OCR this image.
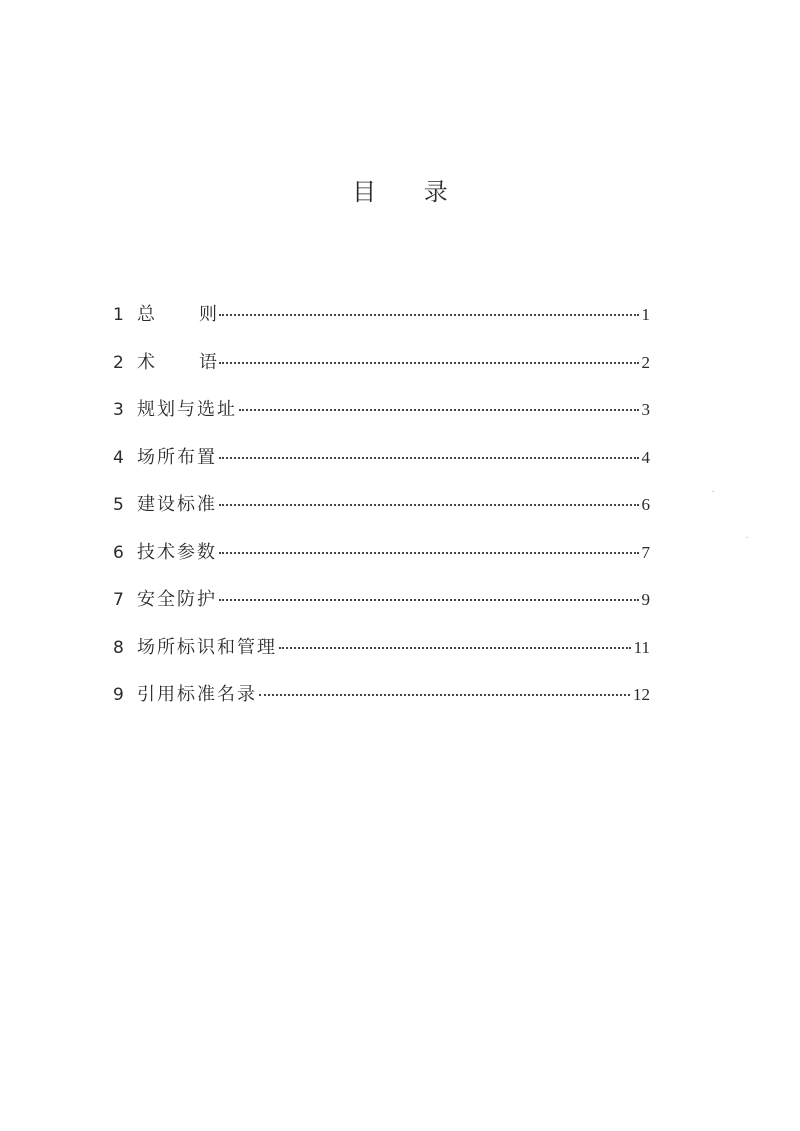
目 录
1 总 则	1
2 术 语	2
3 规划与选址	3
4 场所布置	4
5 建设标准	6
6 技术参数	7
7 安全防护	9
8 场所标识和管理	11
9 引用标准名录	12
